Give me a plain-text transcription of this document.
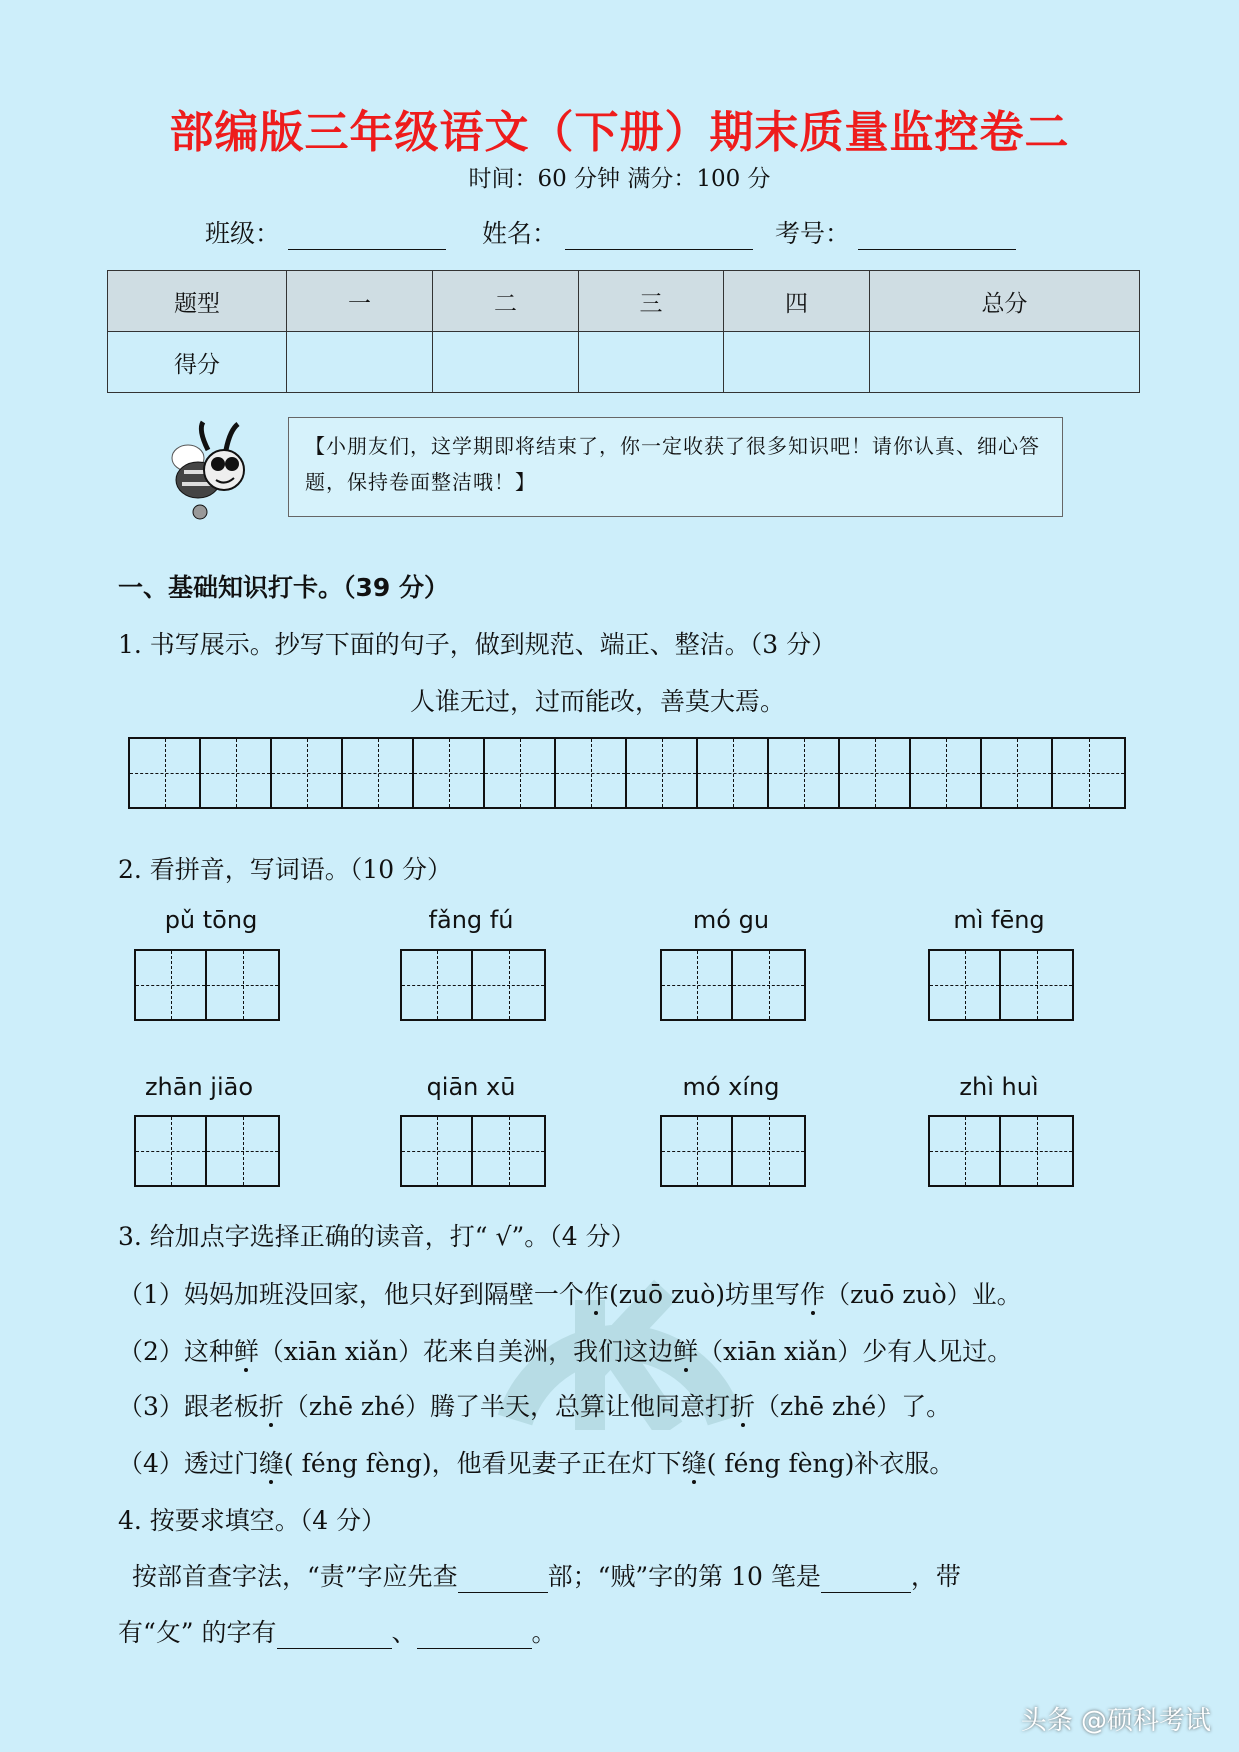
部编版三年级语文（下册）期末质量监控卷二
时间：60 分钟 满分：100 分
班级：	姓名：	考号：
题型	一	二	三	四	总分
得分					
【小朋友们，这学期即将结束了，你一定收获了很多知识吧！请你认真、细心答题，保持卷面整洁哦！】
一、基础知识打卡。（39 分）
1. 书写展示。抄写下面的句子，做到规范、端正、整洁。（3 分）
人谁无过，过而能改，善莫大焉。
2. 看拼音，写词语。（10 分）
pǔ tōng	fǎng fú	mó gu	mì fēng
zhān jiāo	qiān xū	mó xíng	zhì huì
3. 给加点字选择正确的读音，打“ √”。（4 分）
（1）妈妈加班没回家，他只好到隔壁一个作(zuō zuò)坊里写作（zuō zuò）业。
（2）这种鲜（xiān xiǎn）花来自美洲，我们这边鲜（xiān xiǎn）少有人见过。
（3）跟老板折（zhē zhé）腾了半天，总算让他同意打折（zhē zhé）了。
（4）透过门缝( féng fèng)，他看见妻子正在灯下缝( féng fèng)补衣服。
4. 按要求填空。（4 分）
按部首查字法，“责”字应先查	部；“贼”字的第 10 笔是	，带
有“攵” 的字有	、	。
头条 @硕科考试
